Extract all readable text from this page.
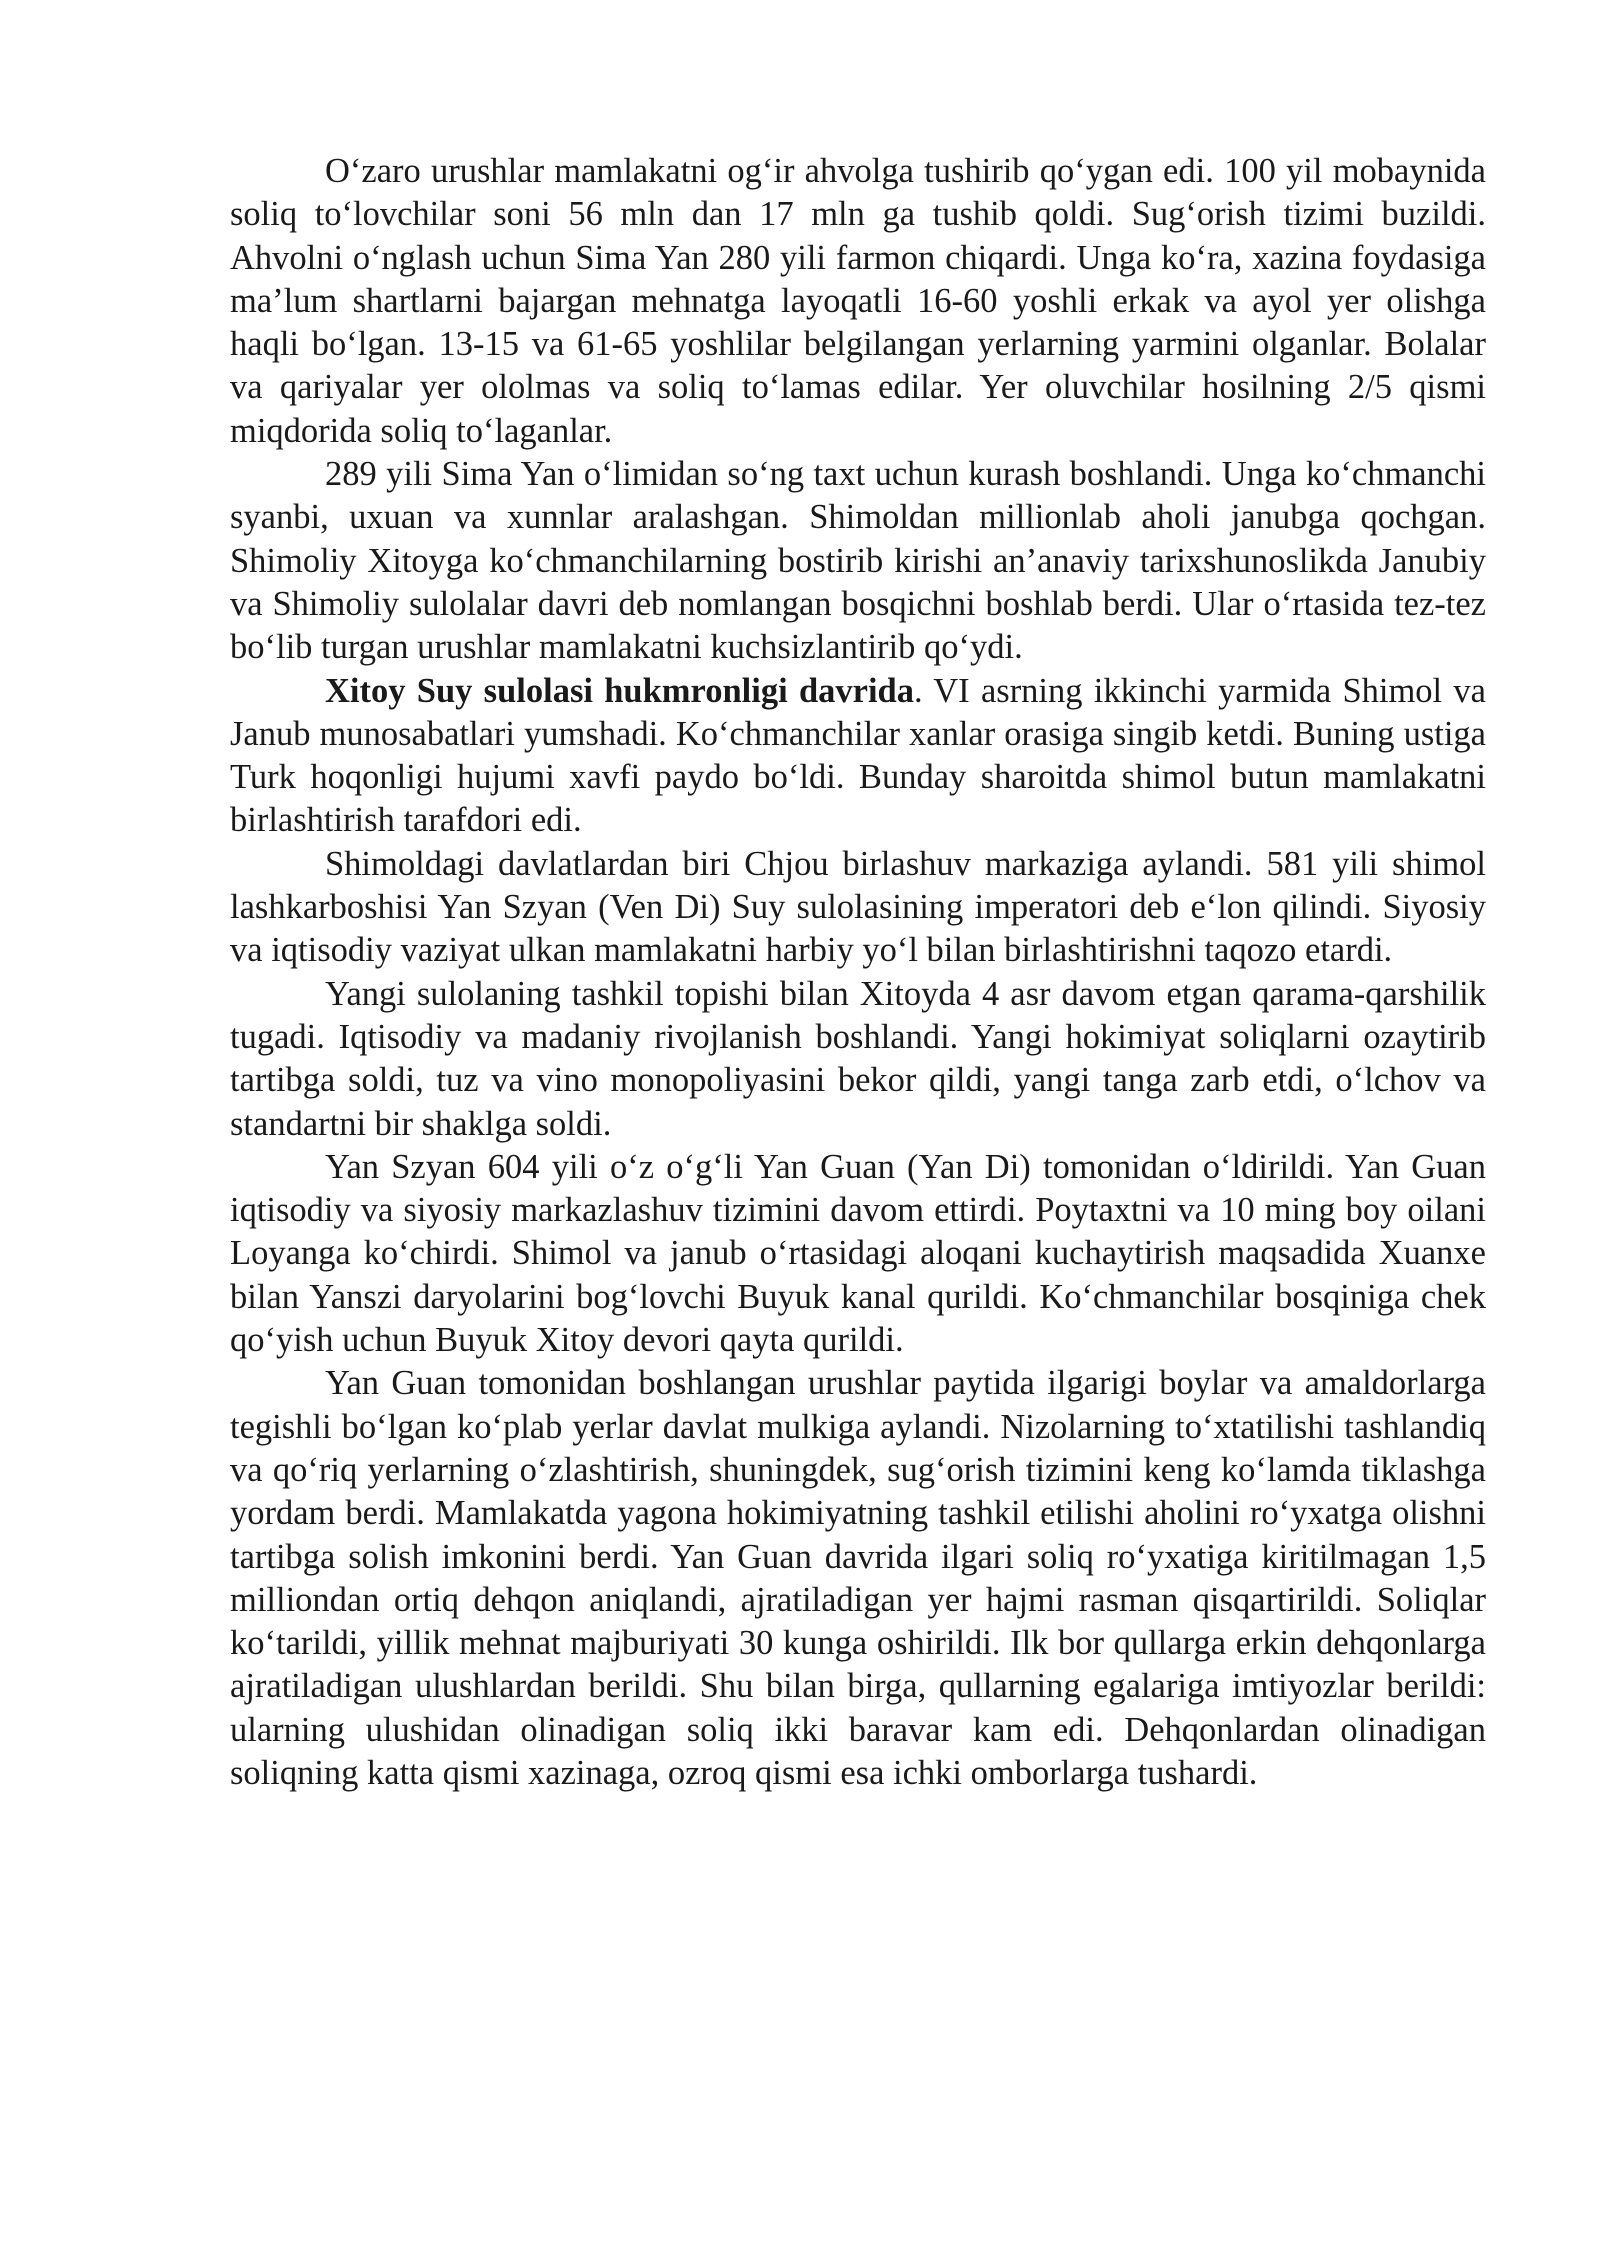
O‘zaro urushlar mamlakatni og‘ir ahvolga tushirib qo‘ygan edi. 100 yil mobaynida soliq to‘lovchilar soni 56 mln dan 17 mln ga tushib qoldi. Sug‘orish tizimi buzildi. Ahvolni o‘nglash uchun Sima Yan 280 yili farmon chiqardi. Unga ko‘ra, xazina foydasiga ma’lum shartlarni bajargan mehnatga layoqatli 16-60 yoshli erkak va ayol yer olishga haqli bo‘lgan. 13-15 va 61-65 yoshlilar belgilangan yerlarning yarmini olganlar. Bolalar va qariyalar yer ololmas va soliq to‘lamas edilar. Yer oluvchilar hosilning 2/5 qismi miqdorida soliq to‘laganlar.

289 yili Sima Yan o‘limidan so‘ng taxt uchun kurash boshlandi. Unga ko‘chmanchi syanbi, uxuan va xunnlar aralashgan. Shimoldan millionlab aholi janubga qochgan. Shimoliy Xitoyga ko‘chmanchilarning bostirib kirishi an’anaviy tarixshunoslikda Janubiy va Shimoliy sulolalar davri deb nomlangan bosqichni boshlab berdi. Ular o‘rtasida tez-tez bo‘lib turgan urushlar mamlakatni kuchsizlantirib qo‘ydi.

Xitoy Suy sulolasi hukmronligi davrida. VI asrning ikkinchi yarmida Shimol va Janub munosabatlari yumshadi. Ko‘chmanchilar xanlar orasiga singib ketdi. Buning ustiga Turk hoqonligi hujumi xavfi paydo bo‘ldi. Bunday sharoitda shimol butun mamlakatni birlashtirish tarafdori edi.

Shimoldagi davlatlardan biri Chjou birlashuv markaziga aylandi. 581 yili shimol lashkarboshisi Yan Szyan (Ven Di) Suy sulolasining imperatori deb e‘lon qilindi. Siyosiy va iqtisodiy vaziyat ulkan mamlakatni harbiy yo‘l bilan birlashtirishni taqozo etardi.

Yangi sulolaning tashkil topishi bilan Xitoyda 4 asr davom etgan qarama-qarshilik tugadi. Iqtisodiy va madaniy rivojlanish boshlandi. Yangi hokimiyat soliqlarni ozaytirib tartibga soldi, tuz va vino monopoliyasini bekor qildi, yangi tanga zarb etdi, o‘lchov va standartni bir shaklga soldi.

Yan Szyan 604 yili o‘z o‘g‘li Yan Guan (Yan Di) tomonidan o‘ldirildi. Yan Guan iqtisodiy va siyosiy markazlashuv tizimini davom ettirdi. Poytaxtni va 10 ming boy oilani Loyanga ko‘chirdi. Shimol va janub o‘rtasidagi aloqani kuchaytirish maqsadida Xuanxe bilan Yanszi daryolarini bog‘lovchi Buyuk kanal qurildi. Ko‘chmanchilar bosqiniga chek qo‘yish uchun Buyuk Xitoy devori qayta qurildi.

Yan Guan tomonidan boshlangan urushlar paytida ilgarigi boylar va amaldorlarga tegishli bo‘lgan ko‘plab yerlar davlat mulkiga aylandi. Nizolarning to‘xtatilishi tashlandiq va qo‘riq yerlarning o‘zlashtirish, shuningdek, sug‘orish tizimini keng ko‘lamda tiklashga yordam berdi. Mamlakatda yagona hokimiyatning tashkil etilishi aholini ro‘yxatga olishni tartibga solish imkonini berdi. Yan Guan davrida ilgari soliq ro‘yxatiga kiritilmagan 1,5 milliondan ortiq dehqon aniqlandi, ajratiladigan yer hajmi rasman qisqartirildi. Soliqlar ko‘tarildi, yillik mehnat majburiyati 30 kunga oshirildi. Ilk bor qullarga erkin dehqonlarga ajratiladigan ulushlardan berildi. Shu bilan birga, qullarning egalariga imtiyozlar berildi: ularning ulushidan olinadigan soliq ikki baravar kam edi. Dehqonlardan olinadigan soliqning katta qismi xazinaga, ozroq qismi esa ichki omborlarga tushardi.
